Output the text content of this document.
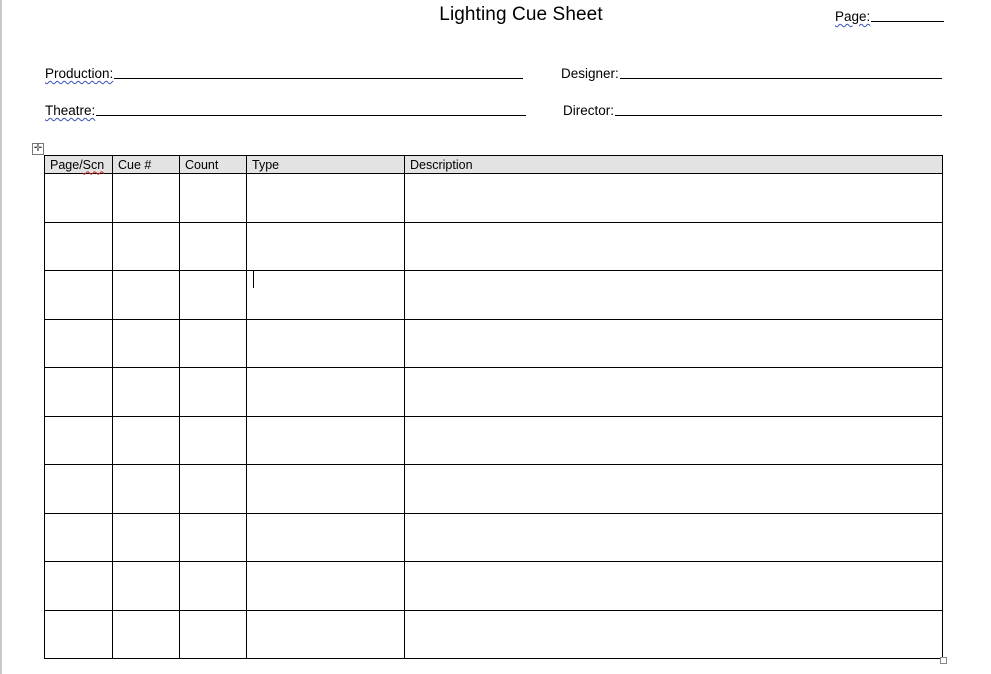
Lighting Cue Sheet	Page:
Production:	Designer:
Theatre:	Director:
✛
Page/Scn	Cue #	Count	Type	Description
